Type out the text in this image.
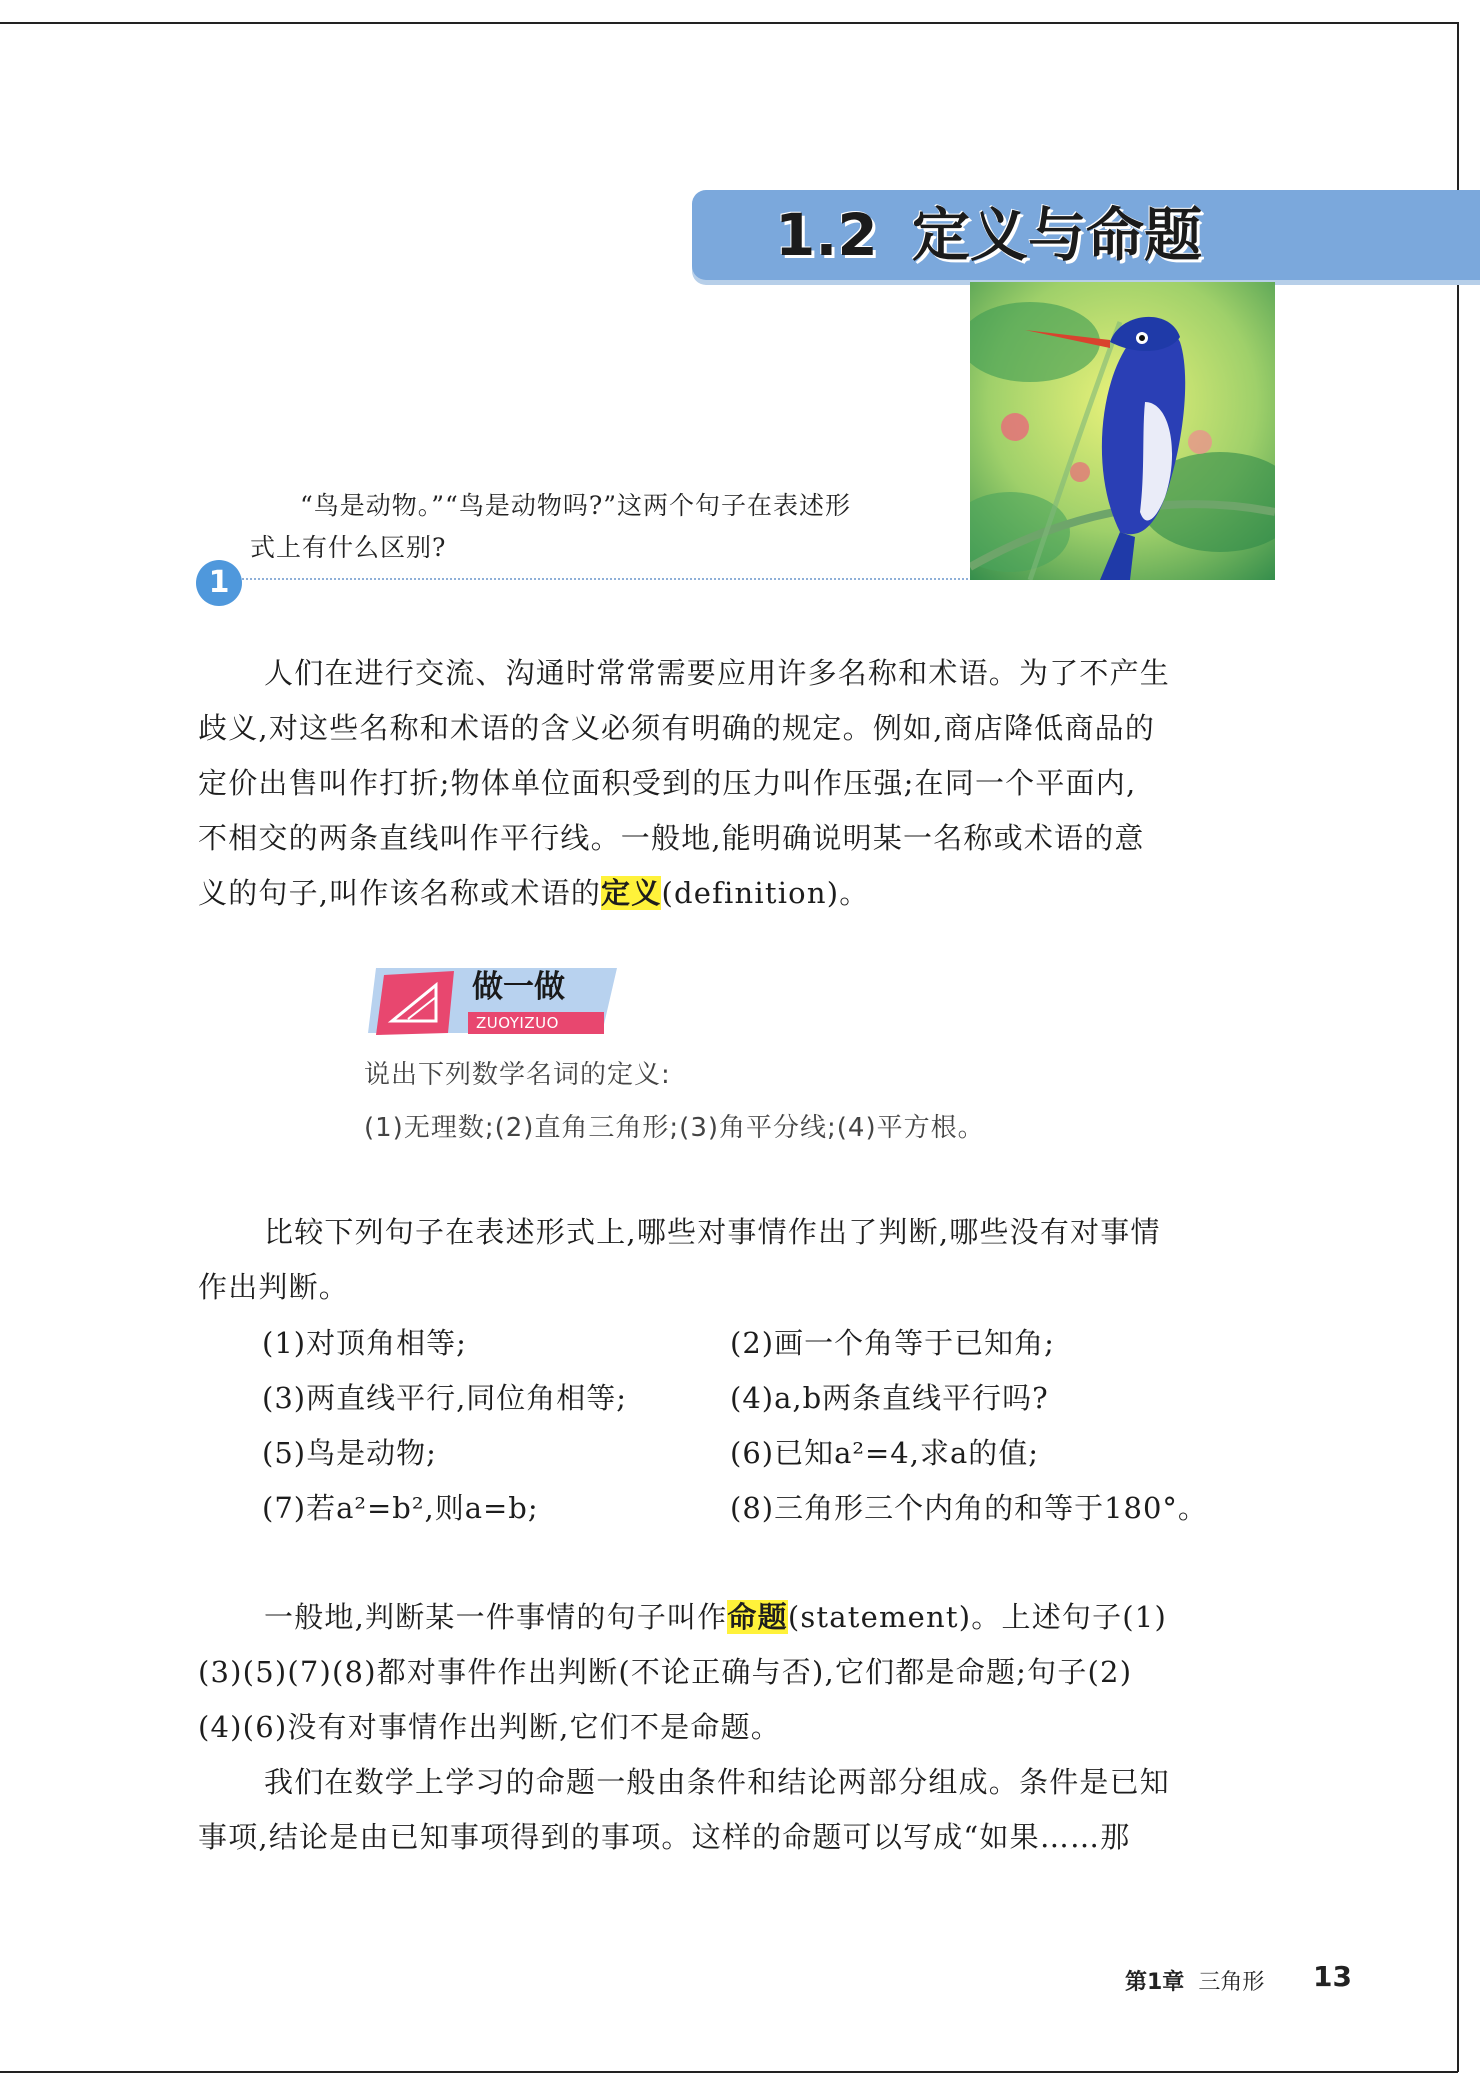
1.2 定义与命题
“鸟是动物。”“鸟是动物吗?”这两个句子在表述形
式上有什么区别?
1
人们在进行交流、沟通时常常需要应用许多名称和术语。为了不产生
歧义,对这些名称和术语的含义必须有明确的规定。例如,商店降低商品的
定价出售叫作打折;物体单位面积受到的压力叫作压强;在同一个平面内,
不相交的两条直线叫作平行线。一般地,能明确说明某一名称或术语的意
义的句子,叫作该名称或术语的定义(definition)。
做一做
ZUOYIZUO
说出下列数学名词的定义:
(1)无理数;(2)直角三角形;(3)角平分线;(4)平方根。
比较下列句子在表述形式上,哪些对事情作出了判断,哪些没有对事情
作出判断。
(1)对顶角相等;	(2)画一个角等于已知角;
(3)两直线平行,同位角相等;	(4)a,b两条直线平行吗?
(5)鸟是动物;	(6)已知a²=4,求a的值;
(7)若a²=b²,则a=b;	(8)三角形三个内角的和等于180°。
一般地,判断某一件事情的句子叫作命题(statement)。上述句子(1)
(3)(5)(7)(8)都对事件作出判断(不论正确与否),它们都是命题;句子(2)
(4)(6)没有对事情作出判断,它们不是命题。
我们在数学上学习的命题一般由条件和结论两部分组成。条件是已知
事项,结论是由已知事项得到的事项。这样的命题可以写成“如果……那
第1章 三角形 13
